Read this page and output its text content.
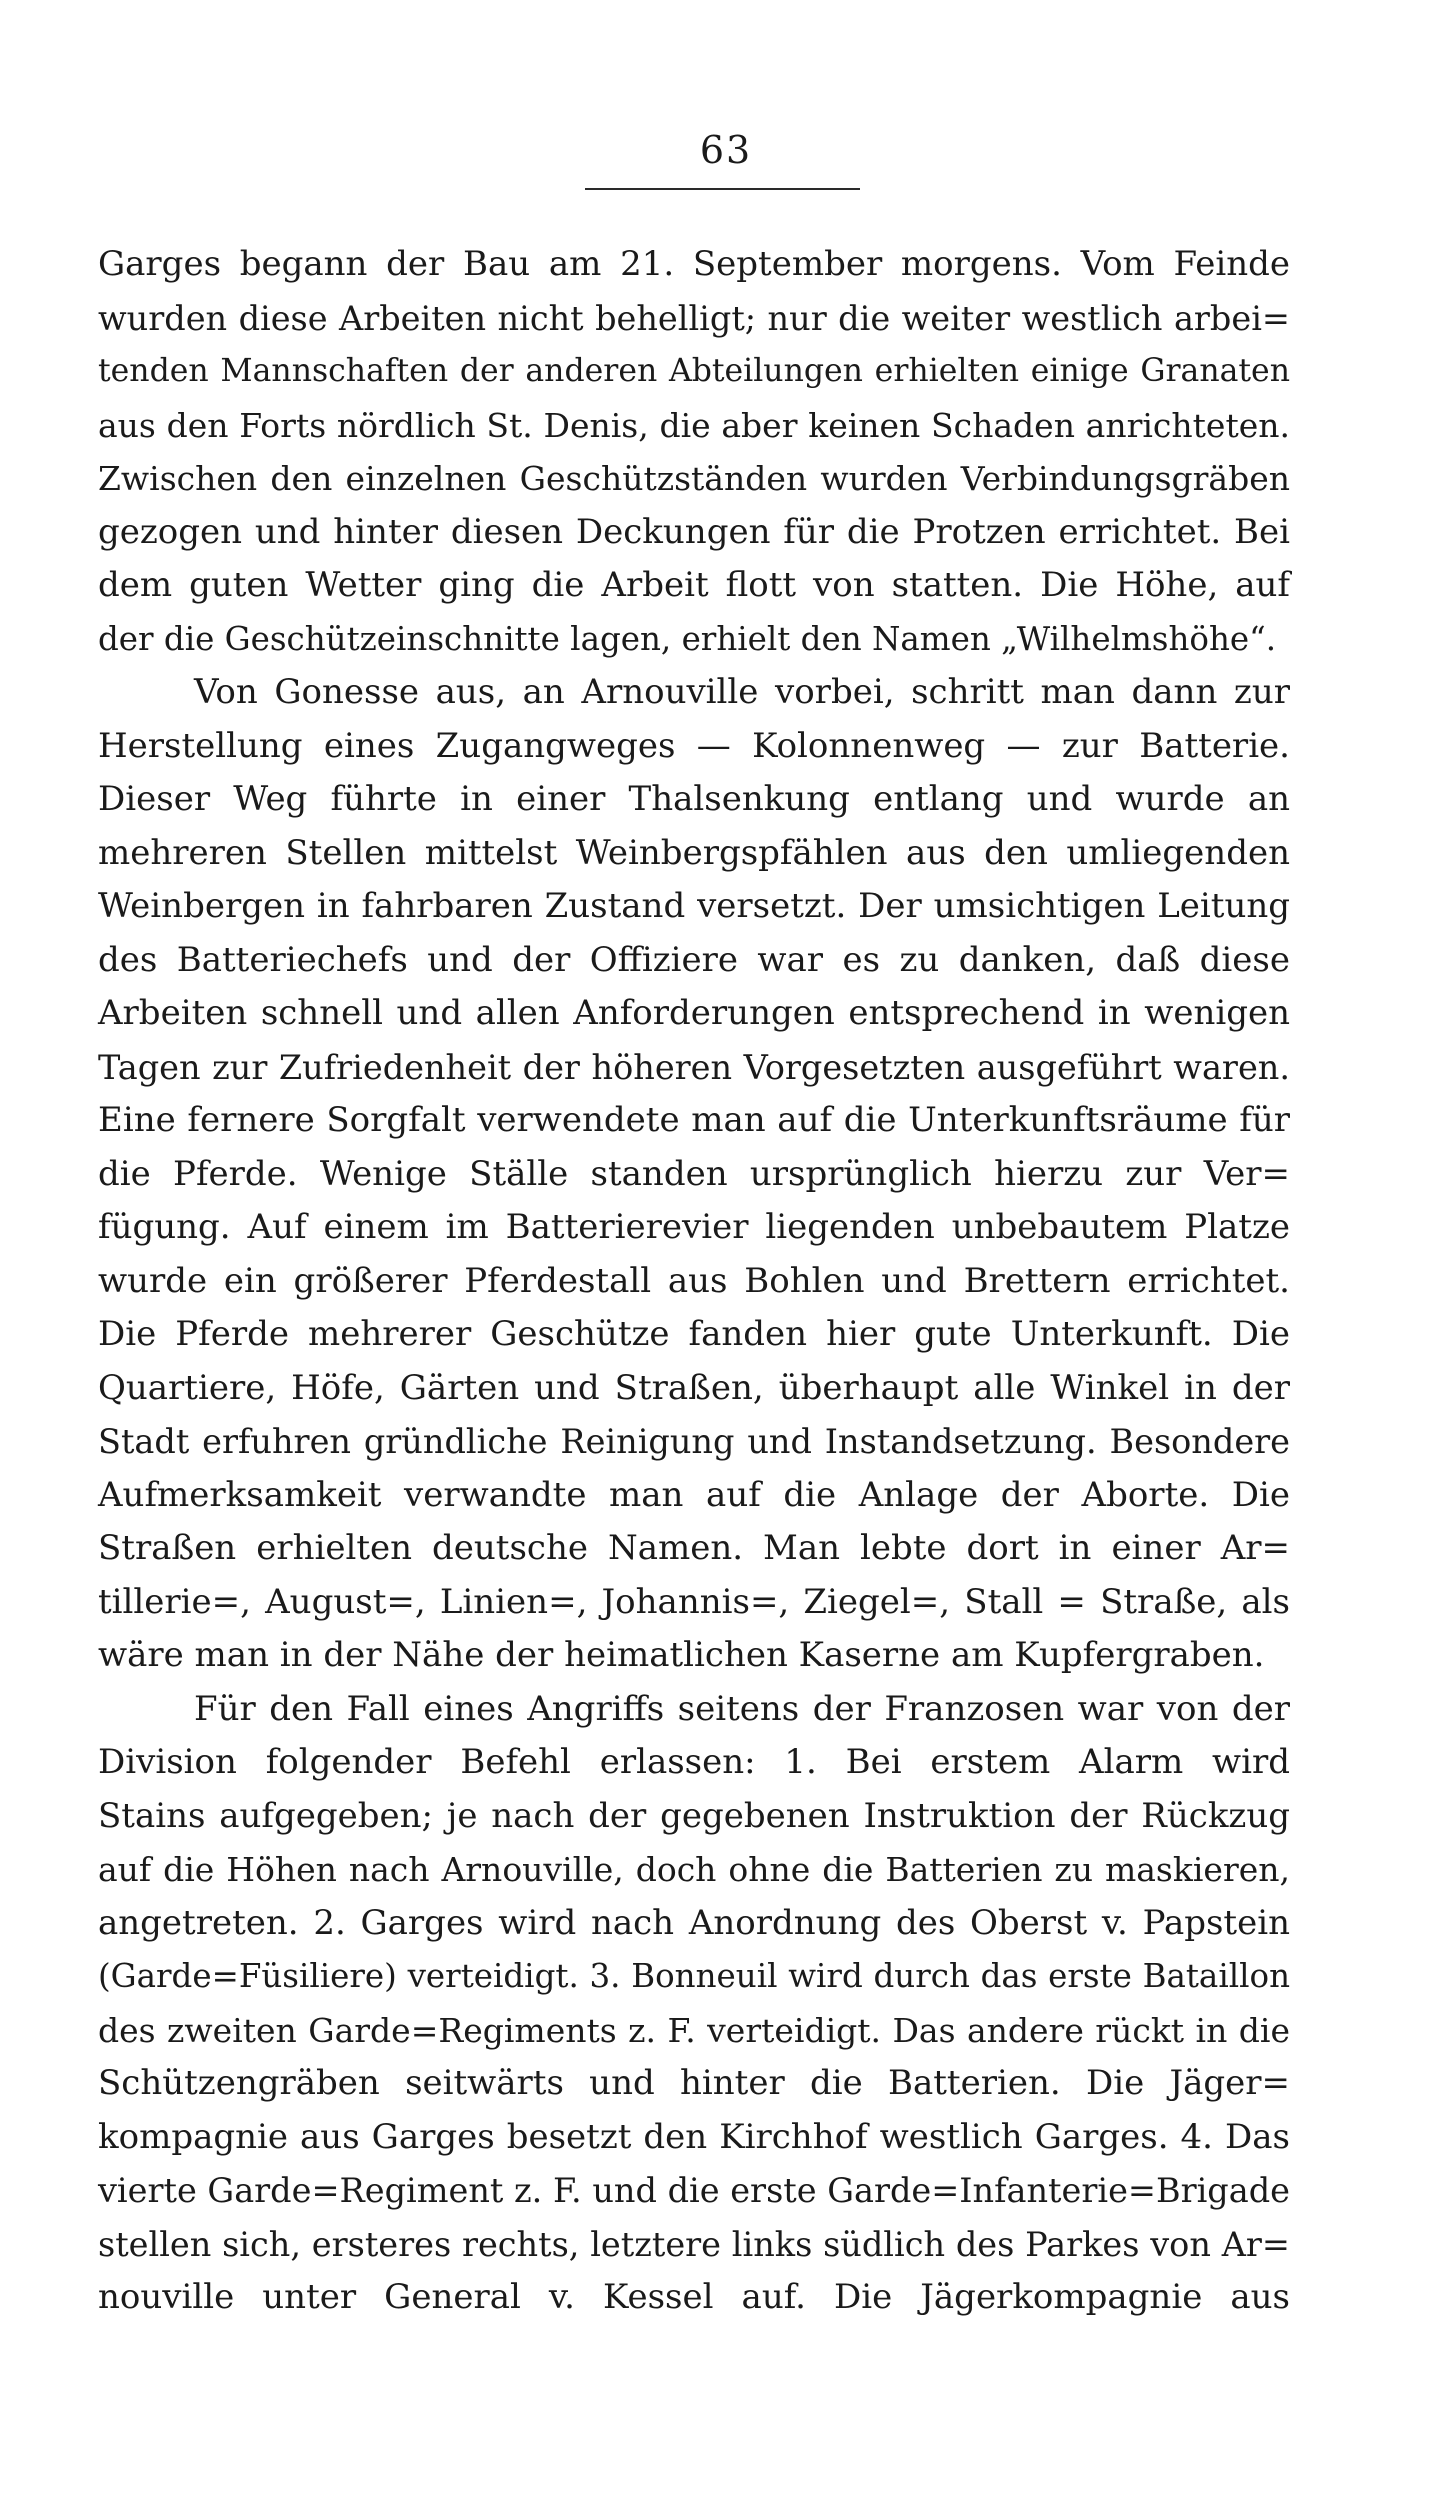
63
Garges begann der Bau am 21. September morgens. Vom Feinde
wurden diese Arbeiten nicht behelligt; nur die weiter westlich arbei=
tenden Mannschaften der anderen Abteilungen erhielten einige Granaten
aus den Forts nördlich St. Denis, die aber keinen Schaden anrichteten.
Zwischen den einzelnen Geschützständen wurden Verbindungsgräben
gezogen und hinter diesen Deckungen für die Protzen errichtet. Bei
dem guten Wetter ging die Arbeit flott von statten. Die Höhe, auf
der die Geschützeinschnitte lagen, erhielt den Namen „Wilhelmshöhe“.
Von Gonesse aus, an Arnouville vorbei, schritt man dann zur
Herstellung eines Zugangweges — Kolonnenweg — zur Batterie.
Dieser Weg führte in einer Thalsenkung entlang und wurde an
mehreren Stellen mittelst Weinbergspfählen aus den umliegenden
Weinbergen in fahrbaren Zustand versetzt. Der umsichtigen Leitung
des Batteriechefs und der Offiziere war es zu danken, daß diese
Arbeiten schnell und allen Anforderungen entsprechend in wenigen
Tagen zur Zufriedenheit der höheren Vorgesetzten ausgeführt waren.
Eine fernere Sorgfalt verwendete man auf die Unterkunftsräume für
die Pferde. Wenige Ställe standen ursprünglich hierzu zur Ver=
fügung. Auf einem im Batterierevier liegenden unbebautem Platze
wurde ein größerer Pferdestall aus Bohlen und Brettern errichtet.
Die Pferde mehrerer Geschütze fanden hier gute Unterkunft. Die
Quartiere, Höfe, Gärten und Straßen, überhaupt alle Winkel in der
Stadt erfuhren gründliche Reinigung und Instandsetzung. Besondere
Aufmerksamkeit verwandte man auf die Anlage der Aborte. Die
Straßen erhielten deutsche Namen. Man lebte dort in einer Ar=
tillerie=, August=, Linien=, Johannis=, Ziegel=, Stall = Straße, als
wäre man in der Nähe der heimatlichen Kaserne am Kupfergraben.
Für den Fall eines Angriffs seitens der Franzosen war von der
Division folgender Befehl erlassen: 1. Bei erstem Alarm wird
Stains aufgegeben; je nach der gegebenen Instruktion der Rückzug
auf die Höhen nach Arnouville, doch ohne die Batterien zu maskieren,
angetreten. 2. Garges wird nach Anordnung des Oberst v. Papstein
(Garde=Füsiliere) verteidigt. 3. Bonneuil wird durch das erste Bataillon
des zweiten Garde=Regiments z. F. verteidigt. Das andere rückt in die
Schützengräben seitwärts und hinter die Batterien. Die Jäger=
kompagnie aus Garges besetzt den Kirchhof westlich Garges. 4. Das
vierte Garde=Regiment z. F. und die erste Garde=Infanterie=Brigade
stellen sich, ersteres rechts, letztere links südlich des Parkes von Ar=
nouville unter General v. Kessel auf. Die Jägerkompagnie aus
